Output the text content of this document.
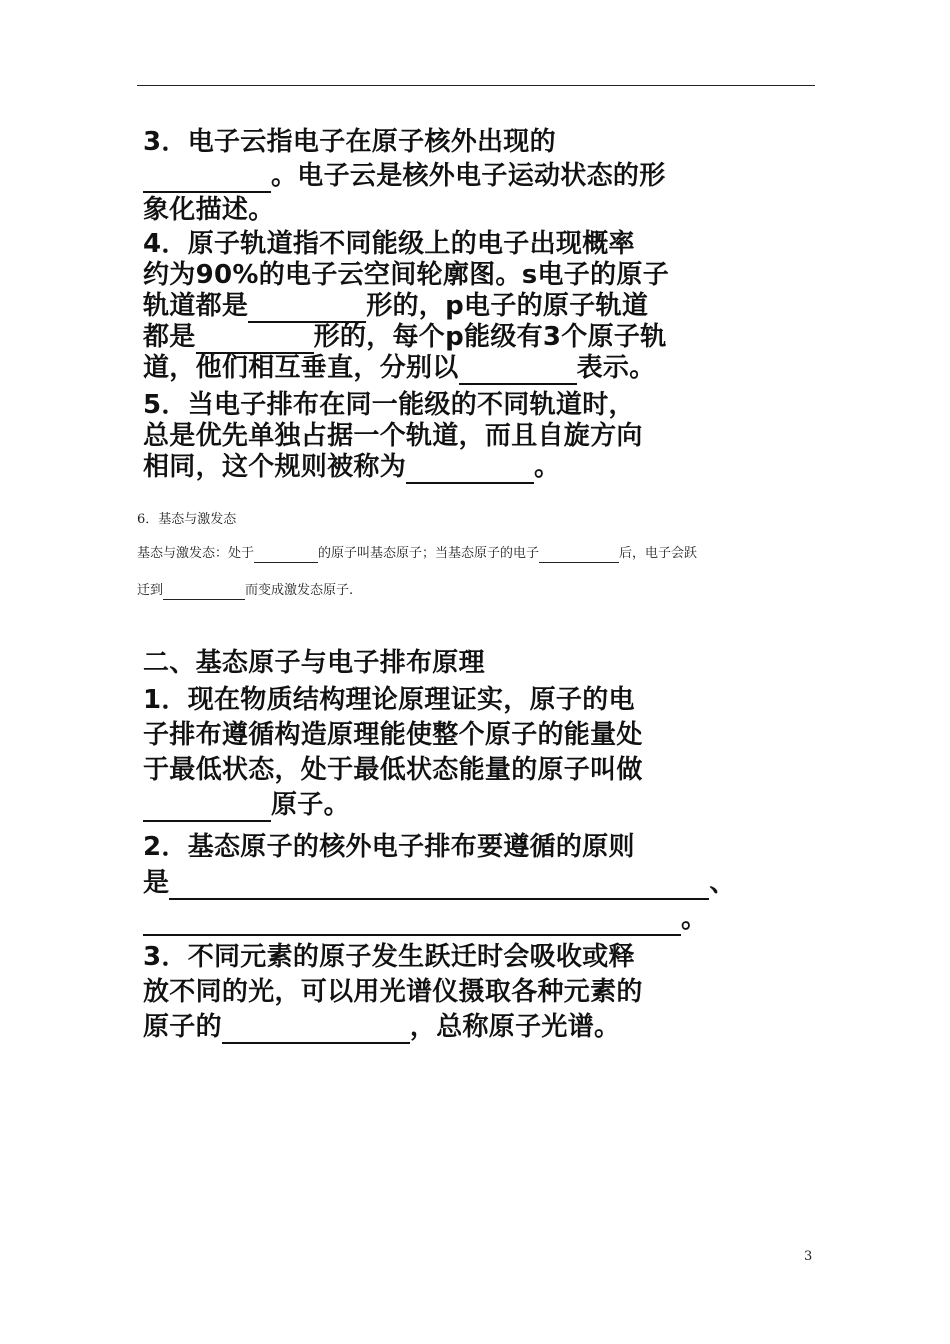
3．电子云指电子在原子核外出现的
。电子云是核外电子运动状态的形
象化描述。
4．原子轨道指不同能级上的电子出现概率
约为90%的电子云空间轮廓图。s电子的原子
轨道都是	形的，p电子的原子轨道
都是	形的，每个p能级有3个原子轨
道，他们相互垂直，分别以	表示。
5．当电子排布在同一能级的不同轨道时，
总是优先单独占据一个轨道，而且自旋方向
相同，这个规则被称为	。
6．基态与激发态
基态与激发态：处于	的原子叫基态原子；当基态原子的电子	后，电子会跃
迁到	而变成激发态原子.
二、基态原子与电子排布原理
1．现在物质结构理论原理证实，原子的电
子排布遵循构造原理能使整个原子的能量处
于最低状态，处于最低状态能量的原子叫做
原子。
2．基态原子的核外电子排布要遵循的原则
是	、
。
3．不同元素的原子发生跃迁时会吸收或释
放不同的光，可以用光谱仪摄取各种元素的
原子的	，总称原子光谱。
3
